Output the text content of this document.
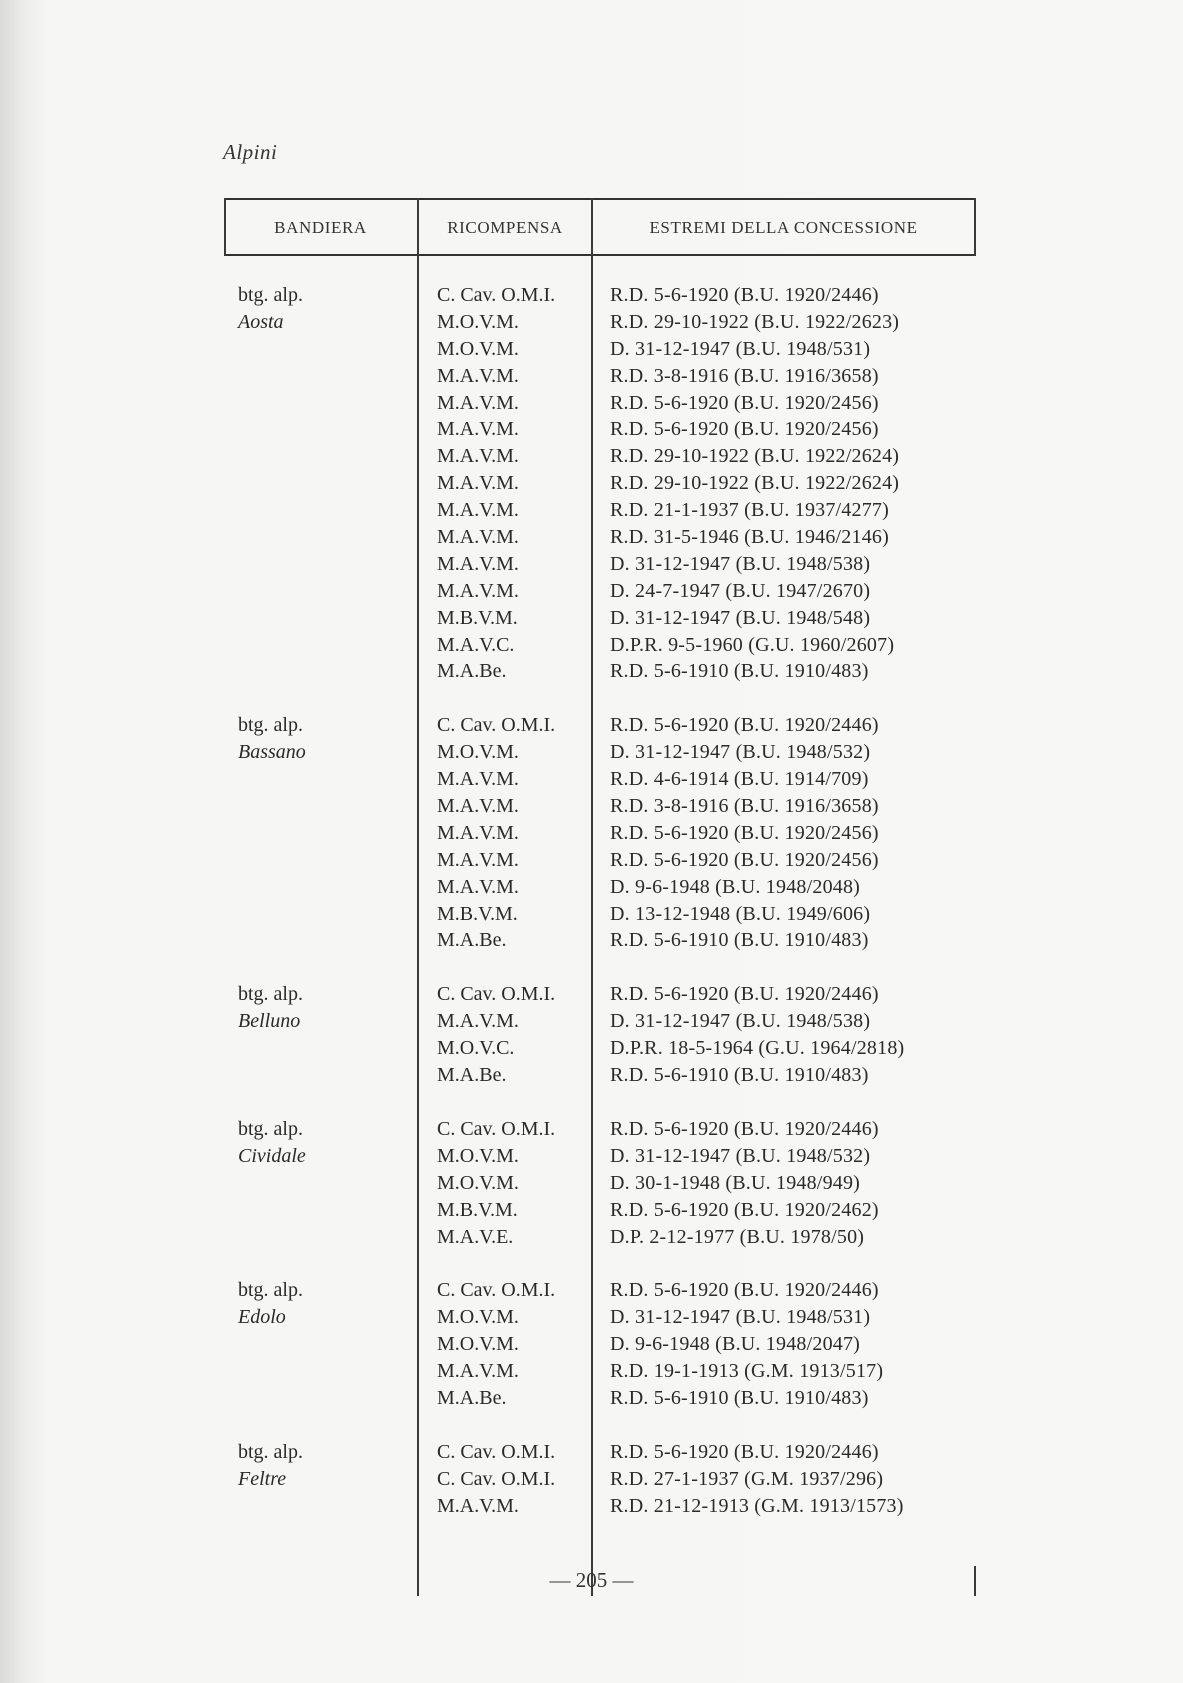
Alpini
BANDIERA	RICOMPENSA	ESTREMI DELLA CONCESSIONE
btg. alp.	C. Cav. O.M.I.	R.D. 5-6-1920 (B.U. 1920/2446)
Aosta	M.O.V.M.	R.D. 29-10-1922 (B.U. 1922/2623)
M.O.V.M.	D. 31-12-1947 (B.U. 1948/531)
M.A.V.M.	R.D. 3-8-1916 (B.U. 1916/3658)
M.A.V.M.	R.D. 5-6-1920 (B.U. 1920/2456)
M.A.V.M.	R.D. 5-6-1920 (B.U. 1920/2456)
M.A.V.M.	R.D. 29-10-1922 (B.U. 1922/2624)
M.A.V.M.	R.D. 29-10-1922 (B.U. 1922/2624)
M.A.V.M.	R.D. 21-1-1937 (B.U. 1937/4277)
M.A.V.M.	R.D. 31-5-1946 (B.U. 1946/2146)
M.A.V.M.	D. 31-12-1947 (B.U. 1948/538)
M.A.V.M.	D. 24-7-1947 (B.U. 1947/2670)
M.B.V.M.	D. 31-12-1947 (B.U. 1948/548)
M.A.V.C.	D.P.R. 9-5-1960 (G.U. 1960/2607)
M.A.Be.	R.D. 5-6-1910 (B.U. 1910/483)
btg. alp.	C. Cav. O.M.I.	R.D. 5-6-1920 (B.U. 1920/2446)
Bassano	M.O.V.M.	D. 31-12-1947 (B.U. 1948/532)
M.A.V.M.	R.D. 4-6-1914 (B.U. 1914/709)
M.A.V.M.	R.D. 3-8-1916 (B.U. 1916/3658)
M.A.V.M.	R.D. 5-6-1920 (B.U. 1920/2456)
M.A.V.M.	R.D. 5-6-1920 (B.U. 1920/2456)
M.A.V.M.	D. 9-6-1948 (B.U. 1948/2048)
M.B.V.M.	D. 13-12-1948 (B.U. 1949/606)
M.A.Be.	R.D. 5-6-1910 (B.U. 1910/483)
btg. alp.	C. Cav. O.M.I.	R.D. 5-6-1920 (B.U. 1920/2446)
Belluno	M.A.V.M.	D. 31-12-1947 (B.U. 1948/538)
M.O.V.C.	D.P.R. 18-5-1964 (G.U. 1964/2818)
M.A.Be.	R.D. 5-6-1910 (B.U. 1910/483)
btg. alp.	C. Cav. O.M.I.	R.D. 5-6-1920 (B.U. 1920/2446)
Cividale	M.O.V.M.	D. 31-12-1947 (B.U. 1948/532)
M.O.V.M.	D. 30-1-1948 (B.U. 1948/949)
M.B.V.M.	R.D. 5-6-1920 (B.U. 1920/2462)
M.A.V.E.	D.P. 2-12-1977 (B.U. 1978/50)
btg. alp.	C. Cav. O.M.I.	R.D. 5-6-1920 (B.U. 1920/2446)
Edolo	M.O.V.M.	D. 31-12-1947 (B.U. 1948/531)
M.O.V.M.	D. 9-6-1948 (B.U. 1948/2047)
M.A.V.M.	R.D. 19-1-1913 (G.M. 1913/517)
M.A.Be.	R.D. 5-6-1910 (B.U. 1910/483)
btg. alp.	C. Cav. O.M.I.	R.D. 5-6-1920 (B.U. 1920/2446)
Feltre	C. Cav. O.M.I.	R.D. 27-1-1937 (G.M. 1937/296)
M.A.V.M.	R.D. 21-12-1913 (G.M. 1913/1573)
— 205 —
